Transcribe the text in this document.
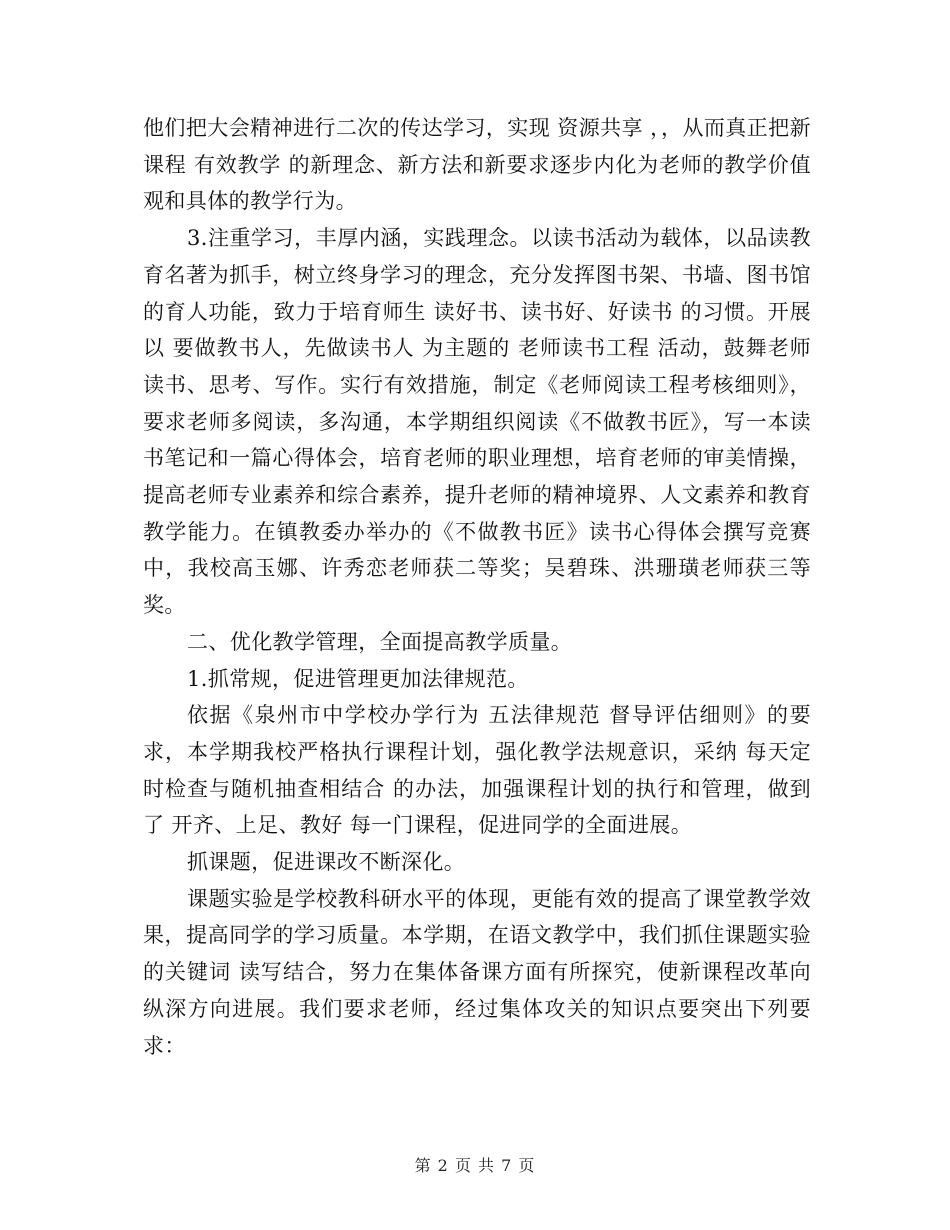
他们把大会精神进行二次的传达学习，实现 资源共享 ，，从而真正把新课程 有效教学 的新理念、新方法和新要求逐步内化为老师的教学价值观和具体的教学行为。

3.注重学习，丰厚内涵，实践理念。以读书活动为载体，以品读教育名著为抓手，树立终身学习的理念，充分发挥图书架、书墙、图书馆的育人功能，致力于培育师生 读好书、读书好、好读书 的习惯。开展以 要做教书人，先做读书人 为主题的 老师读书工程 活动，鼓舞老师读书、思考、写作。实行有效措施，制定《老师阅读工程考核细则》，要求老师多阅读，多沟通，本学期组织阅读《不做教书匠》，写一本读书笔记和一篇心得体会，培育老师的职业理想，培育老师的审美情操，提高老师专业素养和综合素养，提升老师的精神境界、人文素养和教育教学能力。在镇教委办举办的《不做教书匠》读书心得体会撰写竞赛中，我校高玉娜、许秀恋老师获二等奖；吴碧珠、洪珊璜老师获三等奖。

二、优化教学管理，全面提高教学质量。

1.抓常规，促进管理更加法律规范。

依据《泉州市中学校办学行为 五法律规范 督导评估细则》的要求，本学期我校严格执行课程计划，强化教学法规意识，采纳 每天定时检查与随机抽查相结合 的办法，加强课程计划的执行和管理，做到了 开齐、上足、教好 每一门课程，促进同学的全面进展。

抓课题，促进课改不断深化。

课题实验是学校教科研水平的体现，更能有效的提高了课堂教学效果，提高同学的学习质量。本学期，在语文教学中，我们抓住课题实验的关键词 读写结合，努力在集体备课方面有所探究，使新课程改革向纵深方向进展。我们要求老师，经过集体攻关的知识点要突出下列要求：

第 2 页 共 7 页
